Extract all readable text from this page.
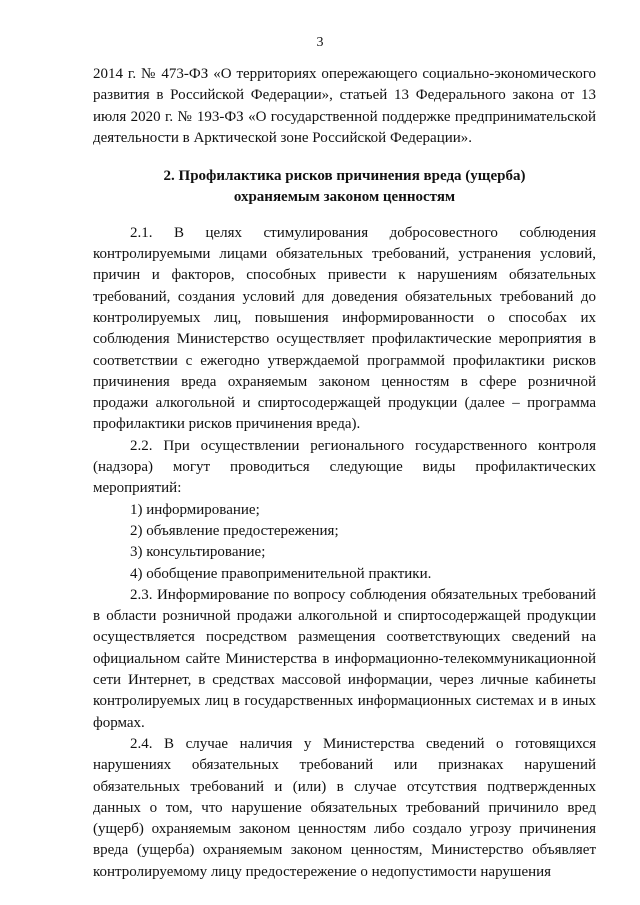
3

2014 г. № 473-ФЗ «О территориях опережающего социально-экономического развития в Российской Федерации», статьей 13 Федерального закона от 13 июля 2020 г. № 193-ФЗ «О государственной поддержке предпринимательской деятельности в Арктической зоне Российской Федерации».

2. Профилактика рисков причинения вреда (ущерба)
охраняемым законом ценностям

2.1. В целях стимулирования добросовестного соблюдения контролируемыми лицами обязательных требований, устранения условий, причин и факторов, способных привести к нарушениям обязательных требований, создания условий для доведения обязательных требований до контролируемых лиц, повышения информированности о способах их соблюдения Министерство осуществляет профилактические мероприятия в соответствии с ежегодно утверждаемой программой профилактики рисков причинения вреда охраняемым законом ценностям в сфере розничной продажи алкогольной и спиртосодержащей продукции (далее – программа профилактики рисков причинения вреда).

2.2. При осуществлении регионального государственного контроля (надзора) могут проводиться следующие виды профилактических мероприятий:

1) информирование;

2) объявление предостережения;

3) консультирование;

4) обобщение правоприменительной практики.

2.3. Информирование по вопросу соблюдения обязательных требований в области розничной продажи алкогольной и спиртосодержащей продукции осуществляется посредством размещения соответствующих сведений на официальном сайте Министерства в информационно-телекоммуникационной сети Интернет, в средствах массовой информации, через личные кабинеты контролируемых лиц в государственных информационных системах и в иных формах.

2.4. В случае наличия у Министерства сведений о готовящихся нарушениях обязательных требований или признаках нарушений обязательных требований и (или) в случае отсутствия подтвержденных данных о том, что нарушение обязательных требований причинило вред (ущерб) охраняемым законом ценностям либо создало угрозу причинения вреда (ущерба) охраняемым законом ценностям, Министерство объявляет контролируемому лицу предостережение о недопустимости нарушения
